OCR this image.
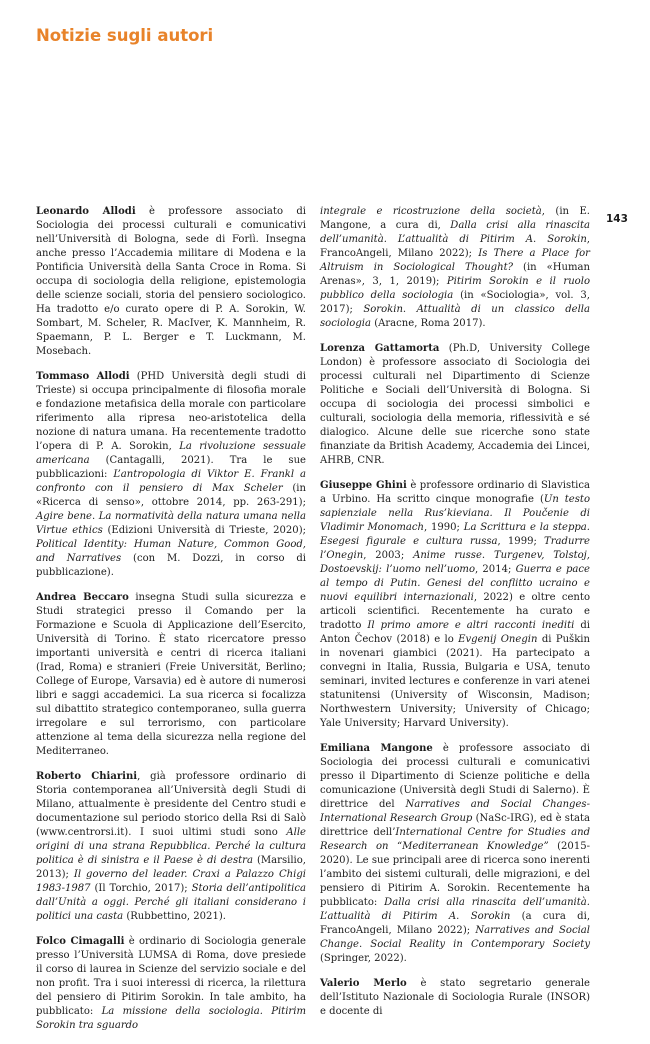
Notizie sugli autori
143

Leonardo Allodi è professore associato di Sociologia dei processi culturali e comunicativi nell’Università di Bologna, sede di Forlì. Insegna anche presso l’Accademia militare di Modena e la Pontificia Università della Santa Croce in Roma. Si occupa di sociologia della religione, epistemologia delle scienze sociali, storia del pensiero sociologico. Ha tradotto e/o curato opere di P. A. Sorokin, W. Sombart, M. Scheler, R. MacIver, K. Mannheim, R. Spaemann, P. L. Berger e T. Luckmann, M. Mosebach.

Tommaso Allodi (PHD Università degli studi di Trieste) si occupa principalmente di filosofia morale e fondazione metafisica della morale con particolare riferimento alla ripresa neo-aristotelica della nozione di natura umana. Ha recentemente tradotto l’opera di P. A. Sorokin, La rivoluzione sessuale americana (Cantagalli, 2021). Tra le sue pubblicazioni: L’antropologia di Viktor E. Frankl a confronto con il pensiero di Max Scheler (in «Ricerca di senso», ottobre 2014, pp. 263-291); Agire bene. La normatività della natura umana nella Virtue ethics (Edizioni Università di Trieste, 2020); Political Identity: Human Nature, Common Good, and Narratives (con M. Dozzi, in corso di pubblicazione).

Andrea Beccaro insegna Studi sulla sicurezza e Studi strategici presso il Comando per la Formazione e Scuola di Applicazione dell’Esercito, Università di Torino. È stato ricercatore presso importanti università e centri di ricerca italiani (Irad, Roma) e stranieri (Freie Universität, Berlino; College of Europe, Varsavia) ed è autore di numerosi libri e saggi accademici. La sua ricerca si focalizza sul dibattito strategico contemporaneo, sulla guerra irregolare e sul terrorismo, con particolare attenzione al tema della sicurezza nella regione del Mediterraneo.

Roberto Chiarini, già professore ordinario di Storia contemporanea all’Università degli Studi di Milano, attualmente è presidente del Centro studi e documentazione sul periodo storico della Rsi di Salò (www.centrorsi.it). I suoi ultimi studi sono Alle origini di una strana Repubblica. Perché la cultura politica è di sinistra e il Paese è di destra (Marsilio, 2013); Il governo del leader. Craxi a Palazzo Chigi 1983-1987 (Il Torchio, 2017); Storia dell’antipolitica dall’Unità a oggi. Perché gli italiani considerano i politici una casta (Rubbettino, 2021).

Folco Cimagalli è ordinario di Sociologia generale presso l’Università LUMSA di Roma, dove presiede il corso di laurea in Scienze del servizio sociale e del non profit. Tra i suoi interessi di ricerca, la rilettura del pensiero di Pitirim Sorokin. In tale ambito, ha pubblicato: La missione della sociologia. Pitirim Sorokin tra sguardo

integrale e ricostruzione della società, (in E. Mangone, a cura di, Dalla crisi alla rinascita dell’umanità. L’attualità di Pitirim A. Sorokin, FrancoAngeli, Milano 2022); Is There a Place for Altruism in Sociological Thought? (in «Human Arenas», 3, 1, 2019); Pitirim Sorokin e il ruolo pubblico della sociologia (in «Sociologia», vol. 3, 2017); Sorokin. Attualità di un classico della sociologia (Aracne, Roma 2017).

Lorenza Gattamorta (Ph.D, University College London) è professore associato di Sociologia dei processi culturali nel Dipartimento di Scienze Politiche e Sociali dell’Università di Bologna. Si occupa di sociologia dei processi simbolici e culturali, sociologia della memoria, riflessività e sé dialogico. Alcune delle sue ricerche sono state finanziate da British Academy, Accademia dei Lincei, AHRB, CNR.

Giuseppe Ghini è professore ordinario di Slavistica a Urbino. Ha scritto cinque monografie (Un testo sapienziale nella Rus’kieviana. Il Poučenie di Vladimir Monomach, 1990; La Scrittura e la steppa. Esegesi figurale e cultura russa, 1999; Tradurre l’Onegin, 2003; Anime russe. Turgenev, Tolstoj, Dostoevskij: l’uomo nell’uomo, 2014; Guerra e pace al tempo di Putin. Genesi del conflitto ucraino e nuovi equilibri internazionali, 2022) e oltre cento articoli scientifici. Recentemente ha curato e tradotto Il primo amore e altri racconti inediti di Anton Čechov (2018) e lo Evgenij Onegin di Puškin in novenari giambici (2021). Ha partecipato a convegni in Italia, Russia, Bulgaria e USA, tenuto seminari, invited lectures e conferenze in vari atenei statunitensi (University of Wisconsin, Madison; Northwestern University; University of Chicago; Yale University; Harvard University).

Emiliana Mangone è professore associato di Sociologia dei processi culturali e comunicativi presso il Dipartimento di Scienze politiche e della comunicazione (Università degli Studi di Salerno). È direttrice del Narratives and Social Changes-International Research Group (NaSc-IRG), ed è stata direttrice dell’International Centre for Studies and Research on “Mediterranean Knowledge” (2015-2020). Le sue principali aree di ricerca sono inerenti l’ambito dei sistemi culturali, delle migrazioni, e del pensiero di Pitirim A. Sorokin. Recentemente ha pubblicato: Dalla crisi alla rinascita dell’umanità. L’attualità di Pitirim A. Sorokin (a cura di, FrancoAngeli, Milano 2022); Narratives and Social Change. Social Reality in Contemporary Society (Springer, 2022).

Valerio Merlo è stato segretario generale dell’Istituto Nazionale di Sociologia Rurale (INSOR) e docente di
